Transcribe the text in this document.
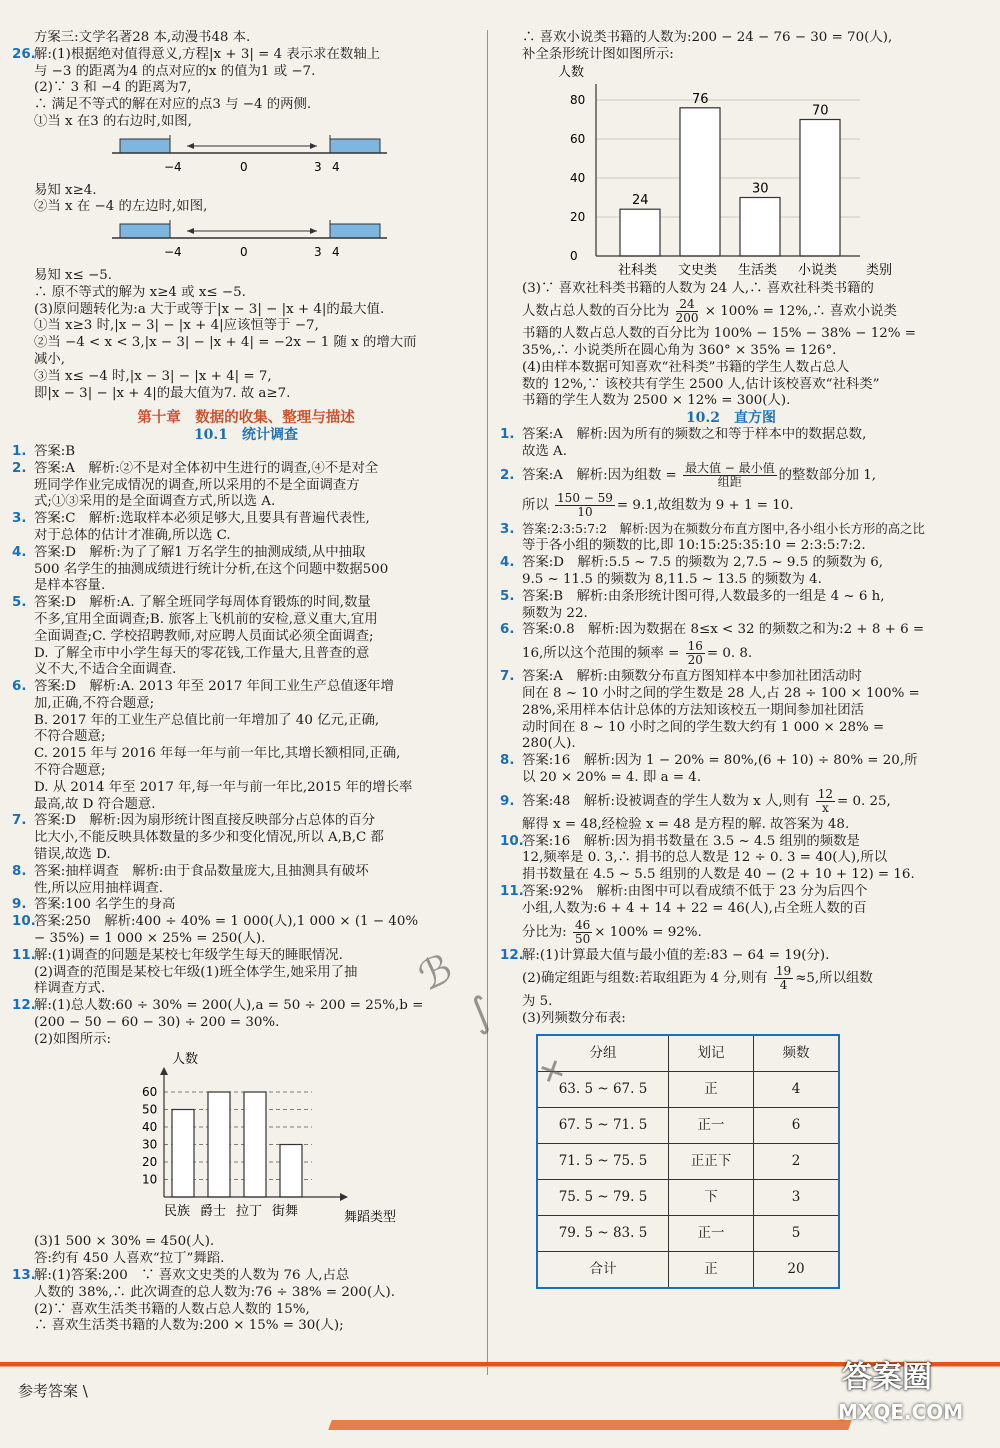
方案三:文学名著28 本,动漫书48 本.
26.解:(1)根据绝对值得意义,方程|x + 3| = 4 表示求在数轴上
与 −3 的距离为4 的点对应的x 的值为1 或 −7.
(2)∵ 3 和 −4 的距离为7,
∴ 满足不等式的解在对应的点3 与 −4 的两侧.
①当 x 在3 的右边时,如图,
−4	0	3 4
易知 x≥4.
②当 x 在 −4 的左边时,如图,
−4	0	3 4
易知 x≤ −5.
∴ 原不等式的解为 x≥4 或 x≤ −5.
(3)原问题转化为:a 大于或等于|x − 3| − |x + 4|的最大值.
①当 x≥3 时,|x − 3| − |x + 4|应该恒等于 −7,
②当 −4 < x < 3,|x − 3| − |x + 4| = −2x − 1 随 x 的增大而
减小,
③当 x≤ −4 时,|x − 3| − |x + 4| = 7,
即|x − 3| − |x + 4|的最大值为7. 故 a≥7.
第十章　数据的收集、整理与描述
10.1　统计调查
1. 答案:B
2. 答案:A　解析:②不是对全体初中生进行的调查,④不是对全
班同学作业完成情况的调查,所以采用的不是全面调查方
式;①③采用的是全面调查方式,所以选 A.
3. 答案:C　解析:选取样本必须足够大,且要具有普遍代表性,
对于总体的估计才准确,所以选 C.
4. 答案:D　解析:为了了解1 万名学生的抽测成绩,从中抽取
500 名学生的抽测成绩进行统计分析,在这个问题中数据500
是样本容量.
5. 答案:D　解析:A. 了解全班同学每周体育锻炼的时间,数量
不多,宜用全面调查;B. 旅客上飞机前的安检,意义重大,宜用
全面调查;C. 学校招聘教师,对应聘人员面试必须全面调查;
D. 了解全市中小学生每天的零花钱,工作量大,且普查的意
义不大,不适合全面调查.
6. 答案:D　解析:A. 2013 年至 2017 年间工业生产总值逐年增
加,正确,不符合题意;
B. 2017 年的工业生产总值比前一年增加了 40 亿元,正确,
不符合题意;
C. 2015 年与 2016 年每一年与前一年比,其增长额相同,正确,
不符合题意;
D. 从 2014 年至 2017 年,每一年与前一年比,2015 年的增长率
最高,故 D 符合题意.
7. 答案:D　解析:因为扇形统计图直接反映部分占总体的百分
比大小,不能反映具体数量的多少和变化情况,所以 A,B,C 都
错误,故选 D.
8. 答案:抽样调查　解析:由于食品数量庞大,且抽测具有破坏
性,所以应用抽样调查.
9. 答案:100 名学生的身高
10.答案:250　解析:400 ÷ 40% = 1 000(人),1 000 × (1 − 40%
− 35%) = 1 000 × 25% = 250(人).
11.解:(1)调查的问题是某校七年级学生每天的睡眠情况.
(2)调查的范围是某校七年级(1)班全体学生,她采用了抽
样调查方式.
12.解:(1)总人数:60 ÷ 30% = 200(人),a = 50 ÷ 200 = 25%,b =
(200 − 50 − 60 − 30) ÷ 200 = 30%.
(2)如图所示:
人数
10
20
30
40
50
60
民族 爵士 拉丁 街舞	舞蹈类型
(3)1 500 × 30% = 450(人).
答:约有 450 人喜欢“拉丁”舞蹈.
13.解:(1)答案:200　∵ 喜欢文史类的人数为 76 人,占总
人数的 38%,∴ 此次调查的总人数为:76 ÷ 38% = 200(人).
(2)∵ 喜欢生活类书籍的人数占总人数的 15%,
∴ 喜欢生活类书籍的人数为:200 × 15% = 30(人);
∴ 喜欢小说类书籍的人数为:200 − 24 − 76 − 30 = 70(人),
补全条形统计图如图所示:
人数
0
20
40
60
80
24
76
30
70
社科类 文史类 生活类 小说类 类别
(3)∵ 喜欢社科类书籍的人数为 24 人,∴ 喜欢社科类书籍的
人数占总人数的百分比为 $\frac{24}{200} \times 100\%$ = 12%,∴ 喜欢小说类
书籍的人数占总人数的百分比为 100% − 15% − 38% − 12% =
35%,∴ 小说类所在圆心角为 360° × 35% = 126°.
(4)由样本数据可知喜欢“社科类”书籍的学生人数占总人
数的 12%,∵ 该校共有学生 2500 人,估计该校喜欢“社科类”
书籍的学生人数为 2500 × 12% = 300(人).
10.2　直方图
1. 答案:A　解析:因为所有的频数之和等于样本中的数据总数,
故选 A.
2. 答案:A　解析:因为组数 = $\frac{\text{最大值 − 最小值}}{\text{组距}}$ 的整数部分加 1,
所以 $\frac{150 - 59}{10} = 9.1$,故组数为 9 + 1 = 10.
3. 答案:2:3:5:7:2　解析:因为在频数分布直方图中,各小组小长方形的高之比
等于各小组的频数的比,即 10:15:25:35:10 = 2:3:5:7:2.
4. 答案:D　解析:5.5 ~ 7.5 的频数为 2,7.5 ~ 9.5 的频数为 6,
9.5 ~ 11.5 的频数为 8,11.5 ~ 13.5 的频数为 4.
5. 答案:B　解析:由条形统计图可得,人数最多的一组是 4 ~ 6 h,
频数为 22.
6. 答案:0.8　解析:因为数据在 8≤x < 32 的频数之和为:2 + 8 + 6 =
16,所以这个范围的频率 = $\frac{16}{20} = 0$. 8.
7. 答案:A　解析:由频数分布直方图知样本中参加社团活动时
间在 8 ~ 10 小时之间的学生数是 28 人,占 28 ÷ 100 × 100% =
28%,采用样本估计总体的方法知该校五一期间参加社团活
动时间在 8 ~ 10 小时之间的学生数大约有 1 000 × 28% =
280(人).
8. 答案:16　解析:因为 1 − 20% = 80%,(6 + 10) ÷ 80% = 20,所
以 20 × 20% = 4. 即 a = 4.
9. 答案:48　解析:设被调查的学生人数为 x 人,则有 $\frac{12}{x} = 0$. 25,
解得 x = 48,经检验 x = 48 是方程的解. 故答案为 48.
10.答案:16　解析:因为捐书数量在 3.5 ~ 4.5 组别的频数是
12,频率是 0. 3,∴ 捐书的总人数是 12 ÷ 0. 3 = 40(人),所以
捐书数量在 4.5 ~ 5.5 组别的人数是 40 − (2 + 10 + 12) = 16.
11.答案:92%　解析:由图中可以看成绩不低于 23 分为后四个
小组,人数为:6 + 4 + 14 + 22 = 46(人),占全班人数的百
分比为: $\frac{46}{50} \times 100\% = 92\%$.
12.解:(1)计算最大值与最小值的差:83 − 64 = 19(分).
(2)确定组距与组数:若取组距为 4 分,则有 $\frac{19}{4} \approx 5$,所以组数
为 5.
(3)列频数分布表:
分组	划记	频数
63. 5 ~ 67. 5	正	4
67. 5 ~ 71. 5	正一	6
71. 5 ~ 75. 5	正正下	2
75. 5 ~ 79. 5	下	3
79. 5 ~ 83. 5	正一	5
合计	正	20
ℬ
∫
✕
参考答案 \	答案圈
MXQE.COM
